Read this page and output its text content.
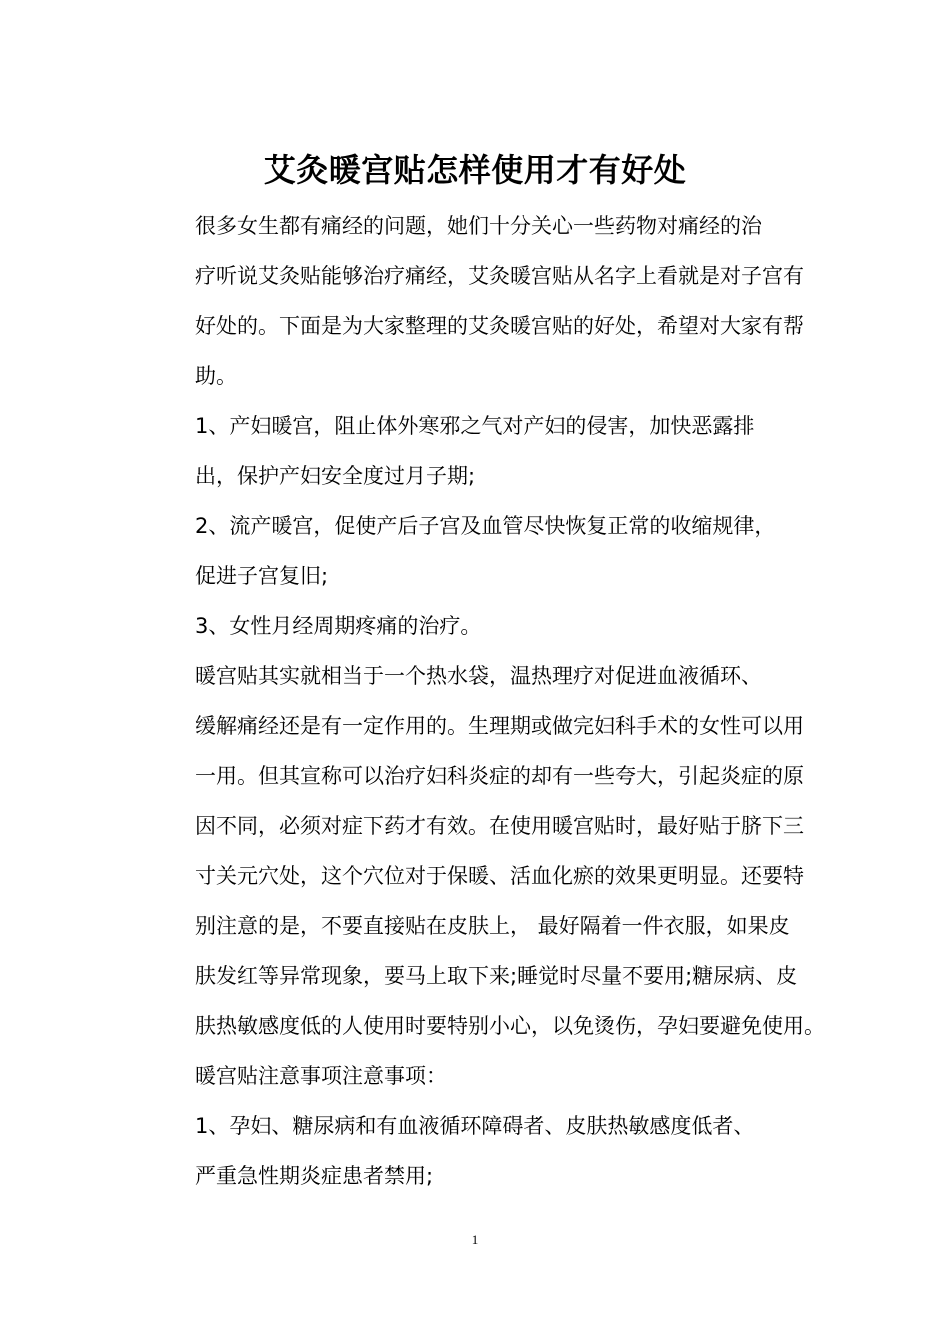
艾灸暖宫贴怎样使用才有好处

很多女生都有痛经的问题，她们十分关心一些药物对痛经的治
疗听说艾灸贴能够治疗痛经，艾灸暖宫贴从名字上看就是对子宫有
好处的。下面是为大家整理的艾灸暖宫贴的好处，希望对大家有帮
助。

1、产妇暖宫，阻止体外寒邪之气对产妇的侵害，加快恶露排
出，保护产妇安全度过月子期;

2、流产暖宫，促使产后子宫及血管尽快恢复正常的收缩规律，
促进子宫复旧;

3、女性月经周期疼痛的治疗。

暖宫贴其实就相当于一个热水袋，温热理疗对促进血液循环、
缓解痛经还是有一定作用的。生理期或做完妇科手术的女性可以用
一用。但其宣称可以治疗妇科炎症的却有一些夸大，引起炎症的原
因不同，必须对症下药才有效。在使用暖宫贴时，最好贴于脐下三
寸关元穴处，这个穴位对于保暖、活血化瘀的效果更明显。还要特
别注意的是，不要直接贴在皮肤上， 最好隔着一件衣服，如果皮
肤发红等异常现象，要马上取下来;睡觉时尽量不要用;糖尿病、皮
肤热敏感度低的人使用时要特别小心，以免烫伤，孕妇要避免使用。

暖宫贴注意事项注意事项：

1、孕妇、糖尿病和有血液循环障碍者、皮肤热敏感度低者、
严重急性期炎症患者禁用;

1
